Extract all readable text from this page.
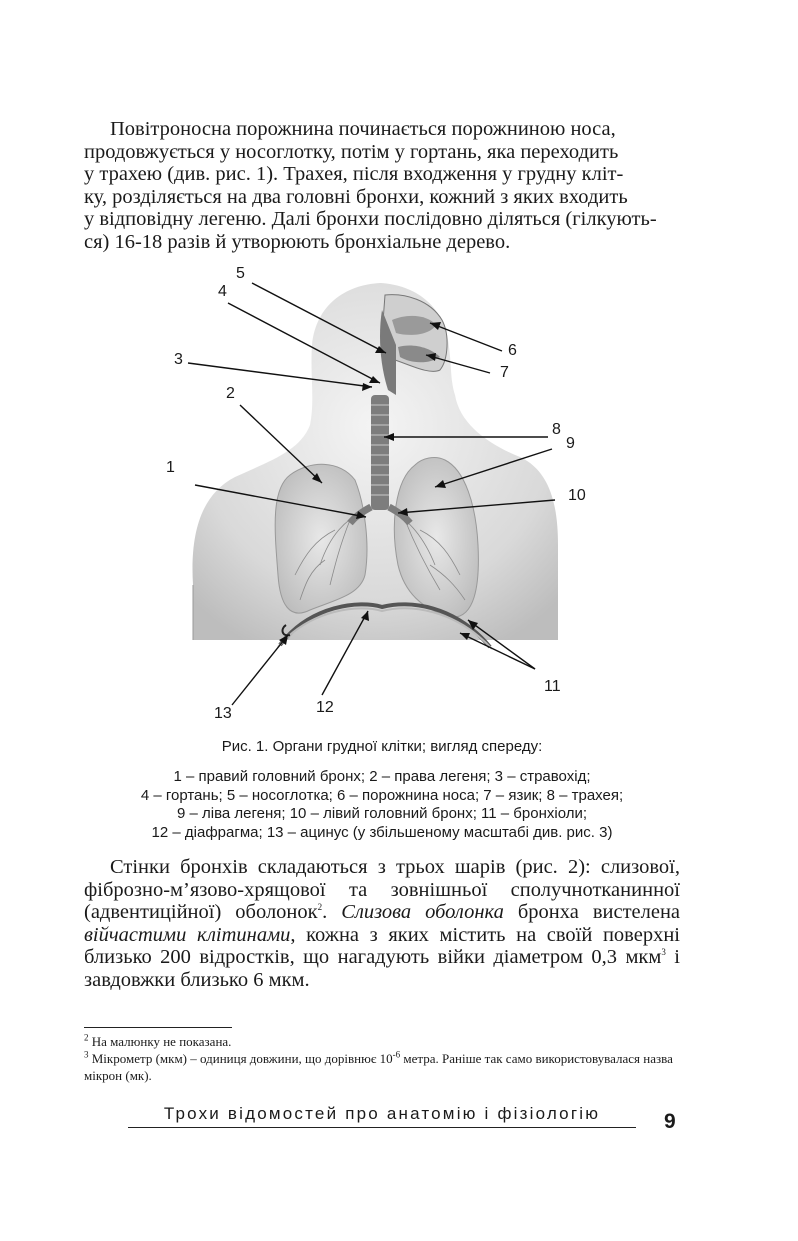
Повітроносна порожнина починається порожниною носа,
продовжується у носоглотку, потім у гортань, яка переходить
у трахею (див. рис. 1). Трахея, після входження у грудну кліт-
ку, розділяється на два головні бронхи, кожний з яких входить
у відповідну легеню. Далі бронхи послідовно діляться (гілкують-
ся) 16-18 разів й утворюють бронхіальне дерево.
1
2
3
4
5
6
7
8
9
10
11
12
13
Рис. 1. Органи грудної клітки; вигляд спереду:
1 – правий головний бронх; 2 – права легеня; 3 – стравохід;
4 – гортань; 5 – носоглотка; 6 – порожнина носа; 7 – язик; 8 – трахея;
9 – ліва легеня; 10 – лівий головний бронх; 11 – бронхіоли;
12 – діафрагма; 13 – ацинус (у збільшеному масштабі див. рис. 3)

Стінки бронхів складаються з трьох шарів (рис. 2): слизової, фіброзно-м’язово-хрящової та зовнішньої сполучнотканинної (адвентиційної) оболонок$^2$. Слизова оболонка бронха вистелена війчастими клітинами, кожна з яких містить на своїй поверхні близько 200 відростків, що нагадують війки діаметром 0,3 мкм$^3$ і завдовжки близько 6 мкм.

$^2$ На малюнку не показана.
$^3$ Мікрометр (мкм) – одиниця довжини, що дорівнює $10^{-6}$ метра. Раніше так само використовувалася назва мікрон (мк).
Трохи відомостей про анатомію і фізіологію	9
